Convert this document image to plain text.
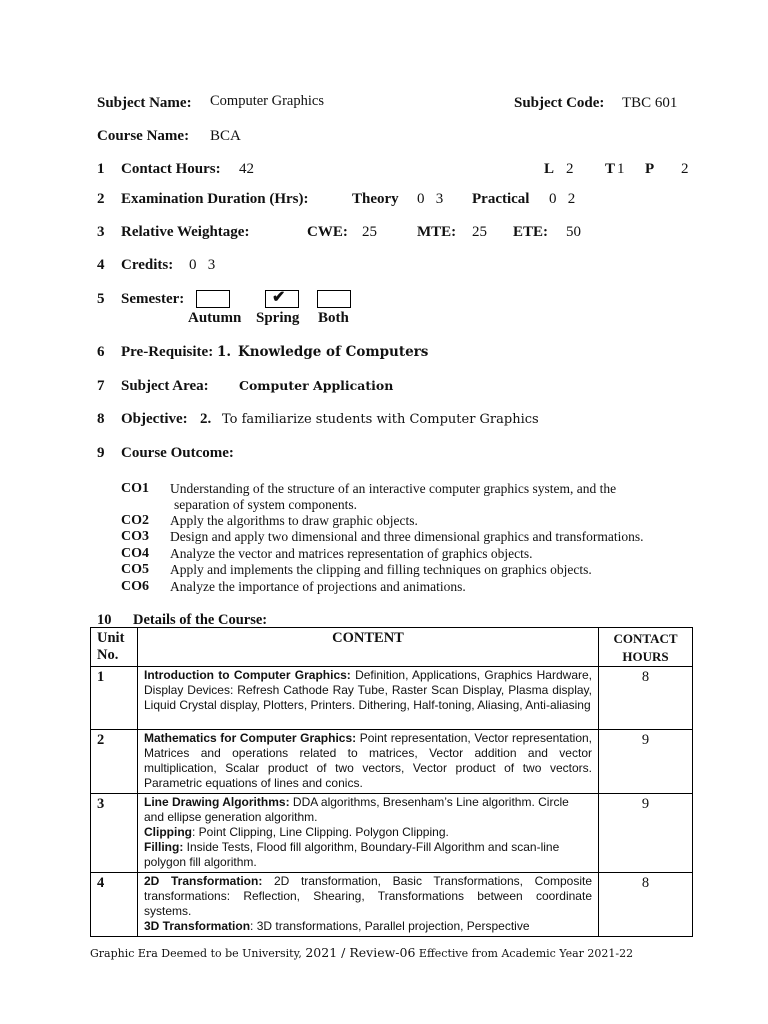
Subject Name: Computer Graphics	Subject Code: TBC 601
Course Name: BCA
1 Contact Hours: 42	L 2 T 1 P 2
2 Examination Duration (Hrs):	Theory 0   3 Practical 0   2
3 Relative Weightage:	CWE: 25	MTE: 25 ETE: 50
4 Credits: 0   3
5 Semester:	✔
Autumn Spring Both
6 Pre-Requisite: 1. Knowledge of Computers
7 Subject Area: Computer Application
8 Objective: 2. To familiarize students with Computer Graphics
9 Course Outcome:
CO1 Understanding of the structure of an interactive computer graphics system, and the
separation of system components.
CO2 Apply the algorithms to draw graphic objects.
CO3 Design and apply two dimensional and three dimensional graphics and transformations.
CO4 Analyze the vector and matrices representation of graphics objects.
CO5 Apply and implements the clipping and filling techniques on graphics objects.
CO6 Analyze the importance of projections and animations.
10 Details of the Course:
Unit No.	CONTENT	CONTACT HOURS
1	Introduction to Computer Graphics: Definition, Applications, Graphics Hardware, Display Devices: Refresh Cathode Ray Tube, Raster Scan Display, Plasma display, Liquid Crystal display, Plotters, Printers. Dithering, Half-toning, Aliasing, Anti-aliasing	8
2	Mathematics for Computer Graphics: Point representation, Vector representation, Matrices and operations related to matrices, Vector addition and vector multiplication, Scalar product of two vectors, Vector product of two vectors. Parametric equations of lines and conics.	9
3	Line Drawing Algorithms: DDA algorithms, Bresenham’s Line algorithm. Circle and ellipse generation algorithm.

Clipping: Point Clipping, Line Clipping. Polygon Clipping.

Filling: Inside Tests, Flood fill algorithm, Boundary-Fill Algorithm and scan-line polygon fill algorithm.	9
4	2D Transformation: 2D transformation, Basic Transformations, Composite transformations: Reflection, Shearing, Transformations between coordinate systems.

3D Transformation: 3D transformations, Parallel projection, Perspective	8
Graphic Era Deemed to be University, 2021 / Review-06 Effective from Academic Year 2021-22
